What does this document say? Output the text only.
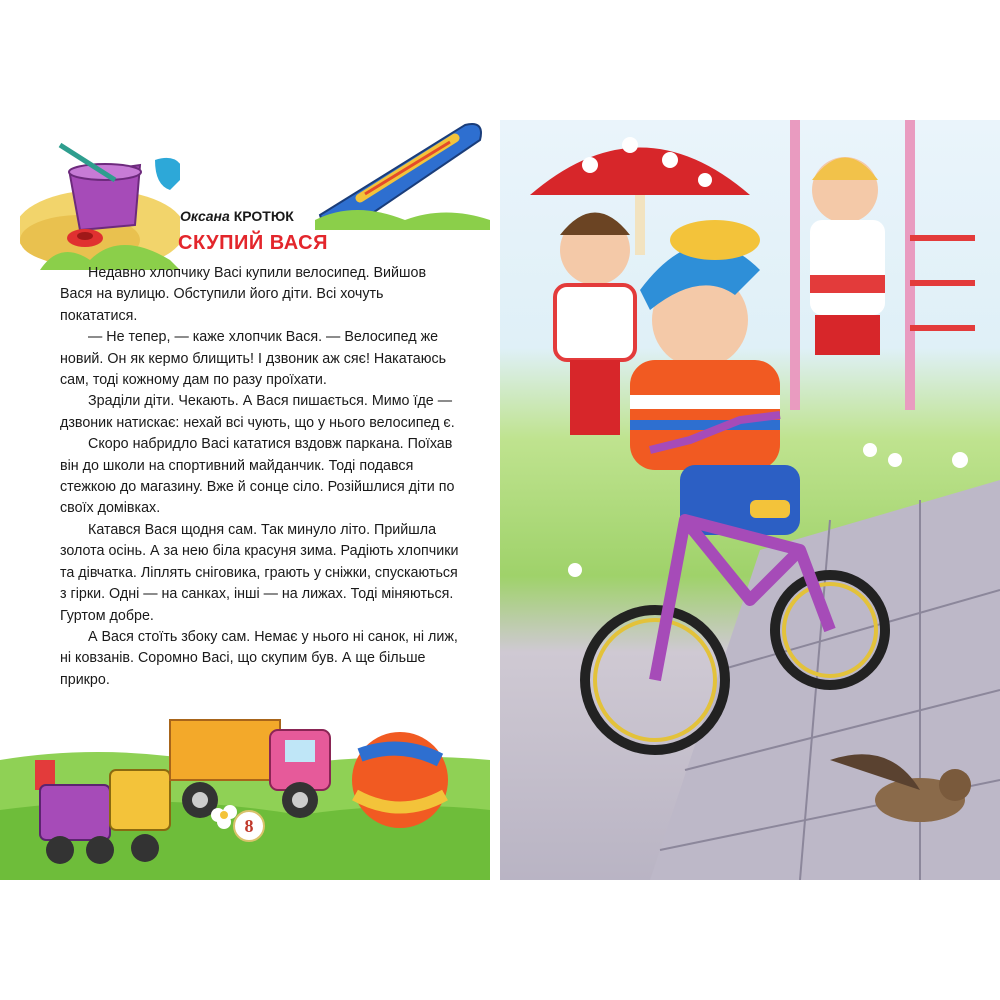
Оксана КРОТЮК
СКУПИЙ ВАСЯ

Недавно хлопчику Васі купили велосипед. Вийшов Вася на вулицю. Обступили його діти. Всі хочуть покататися.

— Не тепер, — каже хлопчик Вася. — Велосипед же новий. Он як кермо блищить! І дзвоник аж сяє! Накатаюсь сам, тоді кожному дам по разу проїхати.

Зраділи діти. Чекають. А Вася пишається. Мимо їде — дзвоник натискає: нехай всі чують, що у нього велосипед є.

Скоро набридло Васі кататися вздовж паркана. Поїхав він до школи на спортивний майданчик. Тоді подався стежкою до магазину. Вже й сонце сіло. Розійшлися діти по своїх домівках.

Катався Вася щодня сам. Так минуло літо. Прийшла золота осінь. А за нею біла красуня зима. Радіють хлопчики та дівчатка. Ліплять сніговика, грають у сніжки, спускаються з гірки. Одні — на санках, інші — на лижах. Тоді міняються. Гуртом добре.

А Вася стоїть збоку сам. Немає у нього ні санок, ні лиж, ні ковзанів. Соромно Васі, що скупим був. А ще більше прикро.

8
